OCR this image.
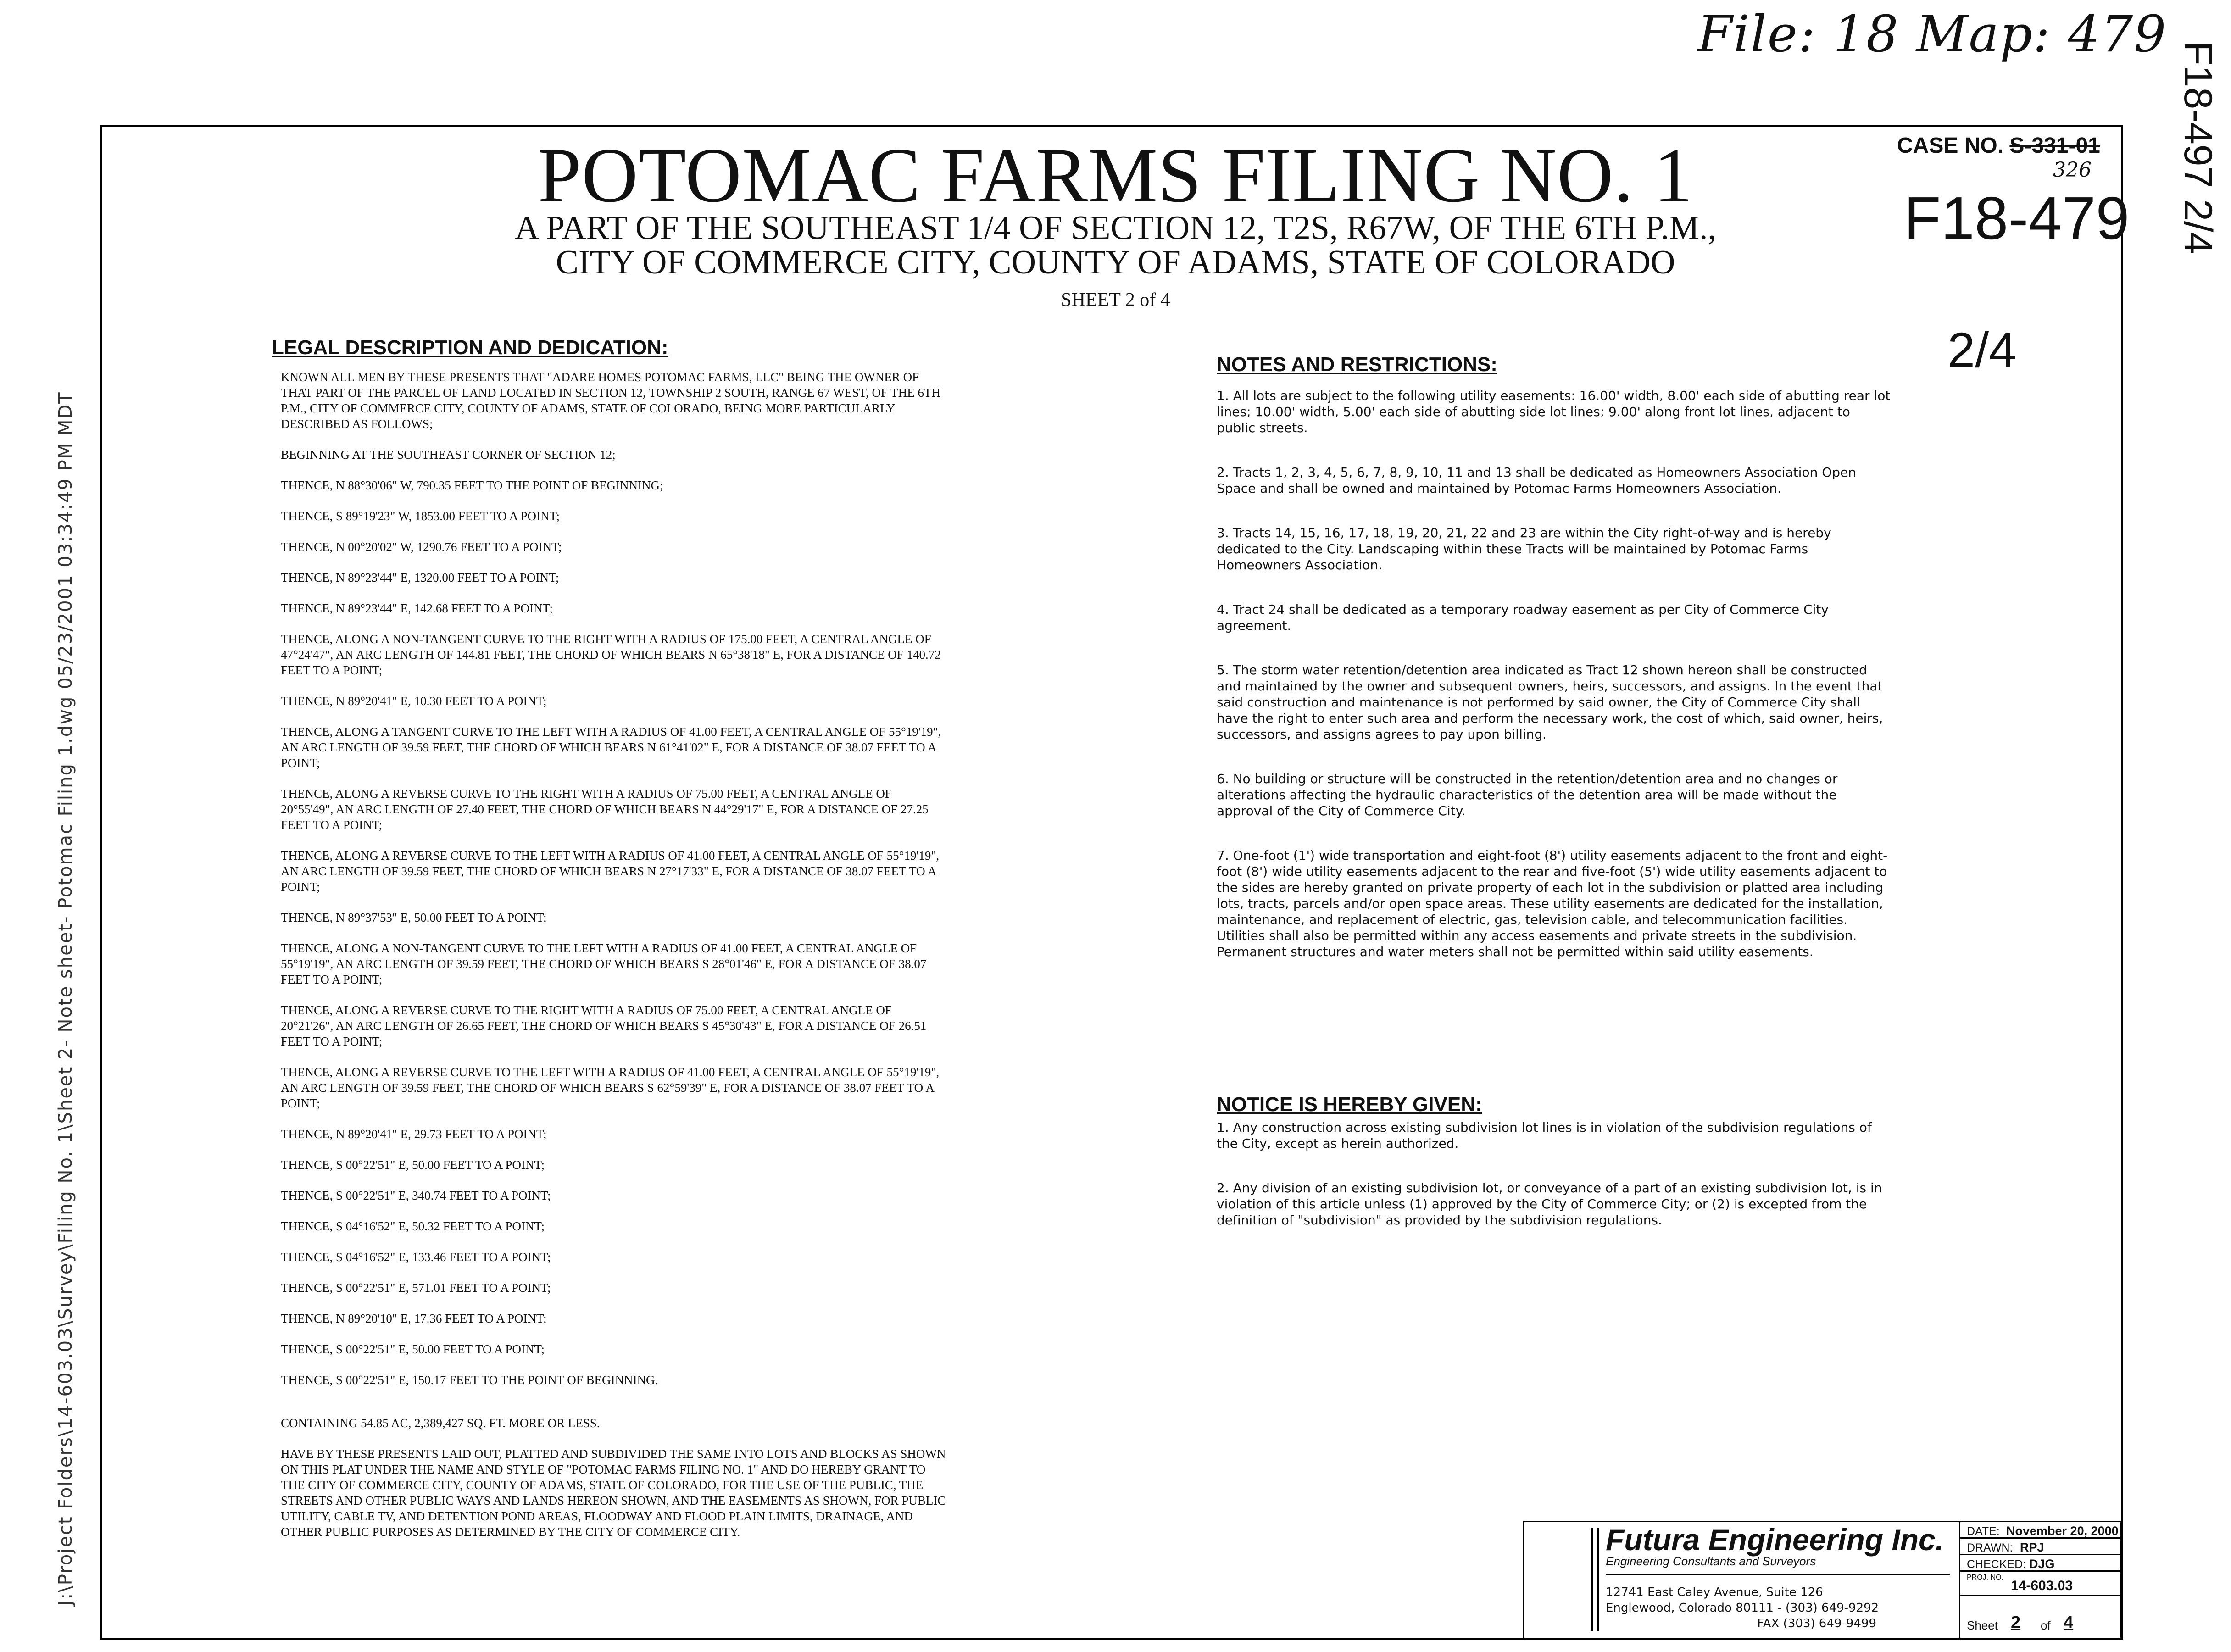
File: 18 Map: 479
F18-497 2/4
J:\Project Folders\14-603.03\Survey\Filing No. 1\Sheet 2- Note sheet- Potomac Filing 1.dwg 05/23/2001 03:34:49 PM MDT
POTOMAC FARMS FILING NO. 1
A PART OF THE SOUTHEAST 1/4 OF SECTION 12, T2S, R67W, OF THE 6TH P.M.,
CITY OF COMMERCE CITY, COUNTY OF ADAMS, STATE OF COLORADO
SHEET 2 of 4
CASE NO. S-331-01
326
F18-479
2/4
LEGAL DESCRIPTION AND DEDICATION:

KNOWN ALL MEN BY THESE PRESENTS THAT "ADARE HOMES POTOMAC FARMS, LLC" BEING THE OWNER OF THAT PART OF THE PARCEL OF LAND LOCATED IN SECTION 12, TOWNSHIP 2 SOUTH, RANGE 67 WEST, OF THE 6TH P.M., CITY OF COMMERCE CITY, COUNTY OF ADAMS, STATE OF COLORADO, BEING MORE PARTICULARLY DESCRIBED AS FOLLOWS;

BEGINNING AT THE SOUTHEAST CORNER OF SECTION 12;

THENCE, N 88°30'06" W, 790.35 FEET TO THE POINT OF BEGINNING;

THENCE, S 89°19'23" W, 1853.00 FEET TO A POINT;

THENCE, N 00°20'02" W, 1290.76 FEET TO A POINT;

THENCE, N 89°23'44" E, 1320.00 FEET TO A POINT;

THENCE, N 89°23'44" E, 142.68 FEET TO A POINT;

THENCE, ALONG A NON-TANGENT CURVE TO THE RIGHT WITH A RADIUS OF 175.00 FEET, A CENTRAL ANGLE OF 47°24'47", AN ARC LENGTH OF 144.81 FEET, THE CHORD OF WHICH BEARS N 65°38'18" E, FOR A DISTANCE OF 140.72 FEET TO A POINT;

THENCE, N 89°20'41" E, 10.30 FEET TO A POINT;

THENCE, ALONG A TANGENT CURVE TO THE LEFT WITH A RADIUS OF 41.00 FEET, A CENTRAL ANGLE OF 55°19'19", AN ARC LENGTH OF 39.59 FEET, THE CHORD OF WHICH BEARS N 61°41'02" E, FOR A DISTANCE OF 38.07 FEET TO A POINT;

THENCE, ALONG A REVERSE CURVE TO THE RIGHT WITH A RADIUS OF 75.00 FEET, A CENTRAL ANGLE OF 20°55'49", AN ARC LENGTH OF 27.40 FEET, THE CHORD OF WHICH BEARS N 44°29'17" E, FOR A DISTANCE OF 27.25 FEET TO A POINT;

THENCE, ALONG A REVERSE CURVE TO THE LEFT WITH A RADIUS OF 41.00 FEET, A CENTRAL ANGLE OF 55°19'19", AN ARC LENGTH OF 39.59 FEET, THE CHORD OF WHICH BEARS N 27°17'33" E, FOR A DISTANCE OF 38.07 FEET TO A POINT;

THENCE, N 89°37'53" E, 50.00 FEET TO A POINT;

THENCE, ALONG A NON-TANGENT CURVE TO THE LEFT WITH A RADIUS OF 41.00 FEET, A CENTRAL ANGLE OF 55°19'19", AN ARC LENGTH OF 39.59 FEET, THE CHORD OF WHICH BEARS S 28°01'46" E, FOR A DISTANCE OF 38.07 FEET TO A POINT;

THENCE, ALONG A REVERSE CURVE TO THE RIGHT WITH A RADIUS OF 75.00 FEET, A CENTRAL ANGLE OF 20°21'26", AN ARC LENGTH OF 26.65 FEET, THE CHORD OF WHICH BEARS S 45°30'43" E, FOR A DISTANCE OF 26.51 FEET TO A POINT;

THENCE, ALONG A REVERSE CURVE TO THE LEFT WITH A RADIUS OF 41.00 FEET, A CENTRAL ANGLE OF 55°19'19", AN ARC LENGTH OF 39.59 FEET, THE CHORD OF WHICH BEARS S 62°59'39" E, FOR A DISTANCE OF 38.07 FEET TO A POINT;

THENCE, N 89°20'41" E, 29.73 FEET TO A POINT;

THENCE, S 00°22'51" E, 50.00 FEET TO A POINT;

THENCE, S 00°22'51" E, 340.74 FEET TO A POINT;

THENCE, S 04°16'52" E, 50.32 FEET TO A POINT;

THENCE, S 04°16'52" E, 133.46 FEET TO A POINT;

THENCE, S 00°22'51" E, 571.01 FEET TO A POINT;

THENCE, N 89°20'10" E, 17.36 FEET TO A POINT;

THENCE, S 00°22'51" E, 50.00 FEET TO A POINT;

THENCE, S 00°22'51" E, 150.17 FEET TO THE POINT OF BEGINNING.

CONTAINING 54.85 AC, 2,389,427 SQ. FT. MORE OR LESS.

HAVE BY THESE PRESENTS LAID OUT, PLATTED AND SUBDIVIDED THE SAME INTO LOTS AND BLOCKS AS SHOWN ON THIS PLAT UNDER THE NAME AND STYLE OF "POTOMAC FARMS FILING NO. 1" AND DO HEREBY GRANT TO THE CITY OF COMMERCE CITY, COUNTY OF ADAMS, STATE OF COLORADO, FOR THE USE OF THE PUBLIC, THE STREETS AND OTHER PUBLIC WAYS AND LANDS HEREON SHOWN, AND THE EASEMENTS AS SHOWN, FOR PUBLIC UTILITY, CABLE TV, AND DETENTION POND AREAS, FLOODWAY AND FLOOD PLAIN LIMITS, DRAINAGE, AND OTHER PUBLIC PURPOSES AS DETERMINED BY THE CITY OF COMMERCE CITY.

NOTES AND RESTRICTIONS:

1. All lots are subject to the following utility easements: 16.00' width, 8.00' each side of abutting rear lot lines; 10.00' width, 5.00' each side of abutting side lot lines; 9.00' along front lot lines, adjacent to public streets.

2. Tracts 1, 2, 3, 4, 5, 6, 7, 8, 9, 10, 11 and 13 shall be dedicated as Homeowners Association Open Space and shall be owned and maintained by Potomac Farms Homeowners Association.

3. Tracts 14, 15, 16, 17, 18, 19, 20, 21, 22 and 23 are within the City right-of-way and is hereby dedicated to the City. Landscaping within these Tracts will be maintained by Potomac Farms Homeowners Association.

4. Tract 24 shall be dedicated as a temporary roadway easement as per City of Commerce City agreement.

5. The storm water retention/detention area indicated as Tract 12 shown hereon shall be constructed and maintained by the owner and subsequent owners, heirs, successors, and assigns. In the event that said construction and maintenance is not performed by said owner, the City of Commerce City shall have the right to enter such area and perform the necessary work, the cost of which, said owner, heirs, successors, and assigns agrees to pay upon billing.

6. No building or structure will be constructed in the retention/detention area and no changes or alterations affecting the hydraulic characteristics of the detention area will be made without the approval of the City of Commerce City.

7. One-foot (1') wide transportation and eight-foot (8') utility easements adjacent to the front and eight-foot (8') wide utility easements adjacent to the rear and five-foot (5') wide utility easements adjacent to the sides are hereby granted on private property of each lot in the subdivision or platted area including lots, tracts, parcels and/or open space areas. These utility easements are dedicated for the installation, maintenance, and replacement of electric, gas, television cable, and telecommunication facilities. Utilities shall also be permitted within any access easements and private streets in the subdivision. Permanent structures and water meters shall not be permitted within said utility easements.

NOTICE IS HEREBY GIVEN:

1. Any construction across existing subdivision lot lines is in violation of the subdivision regulations of the City, except as herein authorized.

2. Any division of an existing subdivision lot, or conveyance of a part of an existing subdivision lot, is in violation of this article unless (1) approved by the City of Commerce City; or (2) is excepted from the definition of "subdivision" as provided by the subdivision regulations.

Futura Engineering Inc.
Engineering Consultants and Surveyors
12741 East Caley Avenue, Suite 126
Englewood, Colorado 80111 - (303) 649-9292
FAX (303) 649-9499
DATE: November 20, 2000
DRAWN: RPJ
CHECKED: DJG
PROJ. NO.
14-603.03
Sheet 2 of 4
